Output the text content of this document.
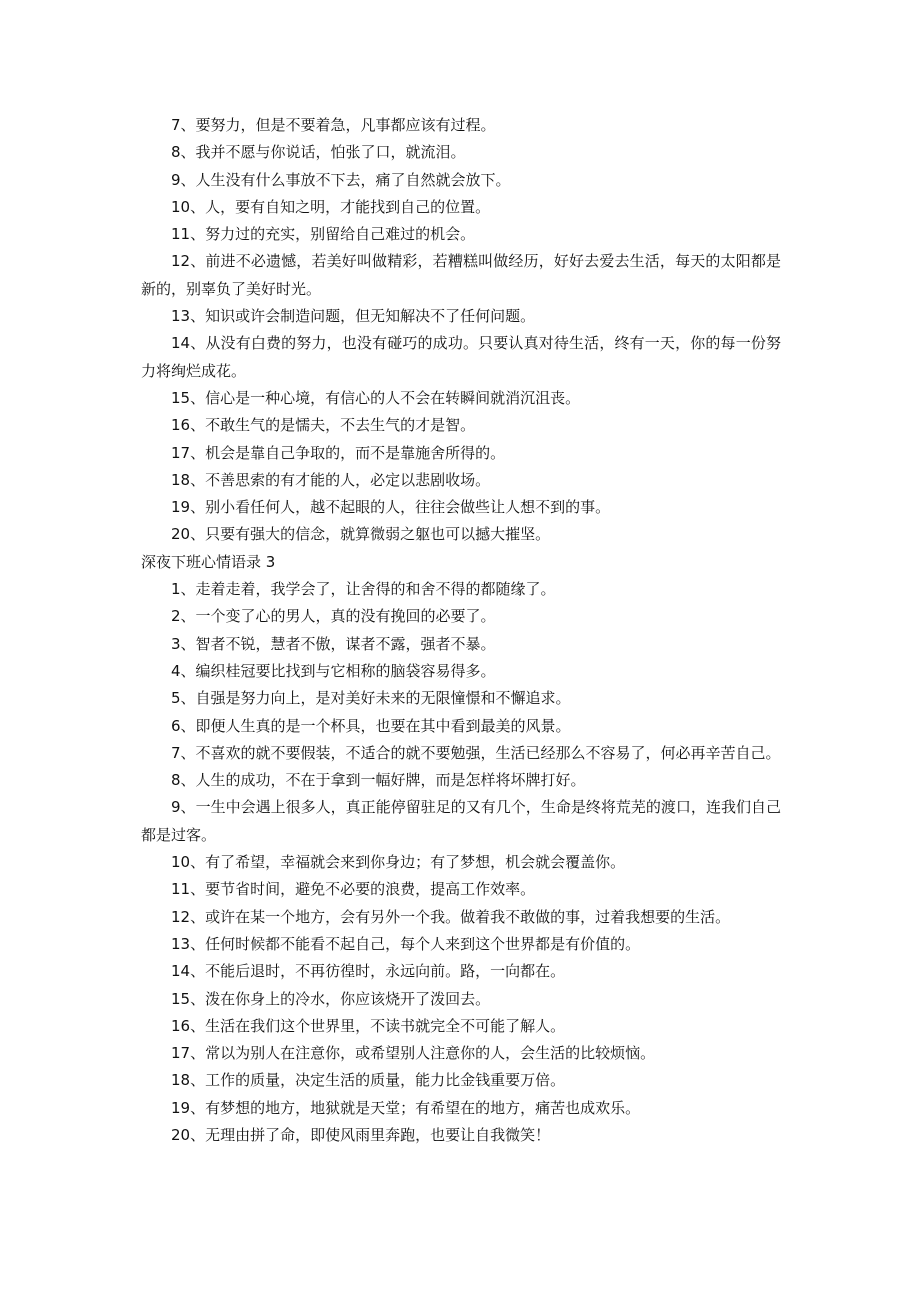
7、要努力，但是不要着急，凡事都应该有过程。

8、我并不愿与你说话，怕张了口，就流泪。

9、人生没有什么事放不下去，痛了自然就会放下。

10、人，要有自知之明，才能找到自己的位置。

11、努力过的充实，别留给自己难过的机会。

12、前进不必遗憾，若美好叫做精彩，若糟糕叫做经历，好好去爱去生活，每天的太阳都是新的，别辜负了美好时光。

13、知识或许会制造问题，但无知解决不了任何问题。

14、从没有白费的努力，也没有碰巧的成功。只要认真对待生活，终有一天，你的每一份努力将绚烂成花。

15、信心是一种心境，有信心的人不会在转瞬间就消沉沮丧。

16、不敢生气的是懦夫，不去生气的才是智。

17、机会是靠自己争取的，而不是靠施舍所得的。

18、不善思索的有才能的人，必定以悲剧收场。

19、别小看任何人，越不起眼的人，往往会做些让人想不到的事。

20、只要有强大的信念，就算微弱之躯也可以撼大摧坚。

深夜下班心情语录 3

1、走着走着，我学会了，让舍得的和舍不得的都随缘了。

2、一个变了心的男人，真的没有挽回的必要了。

3、智者不锐，慧者不傲，谋者不露，强者不暴。

4、编织桂冠要比找到与它相称的脑袋容易得多。

5、自强是努力向上，是对美好未来的无限憧憬和不懈追求。

6、即便人生真的是一个杯具，也要在其中看到最美的风景。

7、不喜欢的就不要假装，不适合的就不要勉强，生活已经那么不容易了，何必再辛苦自己。

8、人生的成功，不在于拿到一幅好牌，而是怎样将坏牌打好。

9、一生中会遇上很多人，真正能停留驻足的又有几个，生命是终将荒芜的渡口，连我们自己都是过客。

10、有了希望，幸福就会来到你身边；有了梦想，机会就会覆盖你。

11、要节省时间，避免不必要的浪费，提高工作效率。

12、或许在某一个地方，会有另外一个我。做着我不敢做的事，过着我想要的生活。

13、任何时候都不能看不起自己，每个人来到这个世界都是有价值的。

14、不能后退时，不再彷徨时，永远向前。路，一向都在。

15、泼在你身上的冷水，你应该烧开了泼回去。

16、生活在我们这个世界里，不读书就完全不可能了解人。

17、常以为别人在注意你，或希望别人注意你的人，会生活的比较烦恼。

18、工作的质量，决定生活的质量，能力比金钱重要万倍。

19、有梦想的地方，地狱就是天堂；有希望在的地方，痛苦也成欢乐。

20、无理由拼了命，即使风雨里奔跑，也要让自我微笑！
